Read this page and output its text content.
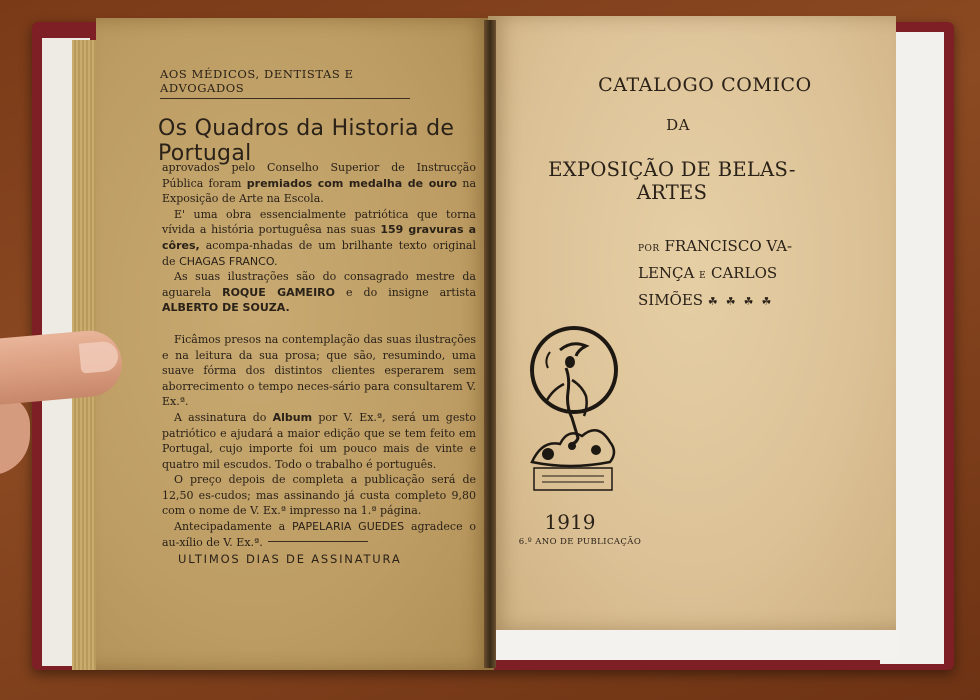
AOS MÉDICOS, DENTISTAS E ADVOGADOS
Os Quadros da Historia de Portugal

aprovados pelo Conselho Superior de Instrucção Pública foram premiados com medalha de ouro na Exposição de Arte na Escola.

E' uma obra essencialmente patriótica que torna vívida a história portuguêsa nas suas 159 gravuras a côres, acompa-nhadas de um brilhante texto original de CHAGAS FRANCO.

As suas ilustrações são do consagrado mestre da aguarela ROQUE GAMEIRO e do insigne artista ALBERTO DE SOUZA.

Ficâmos presos na contemplação das suas ilustrações e na leitura da sua prosa; que são, resumindo, uma suave fórma dos distintos clientes esperarem sem aborrecimento o tempo neces-sário para consultarem V. Ex.ª.

A assinatura do Album por V. Ex.ª, será um gesto patriótico e ajudará a maior edição que se tem feito em Portugal, cujo importe foi um pouco mais de vinte e quatro mil escudos. Todo o trabalho é português.

O preço depois de completa a publicação será de 12,50 es-cudos; mas assinando já custa completo 9,80 com o nome de V. Ex.ª impresso na 1.ª página.

Antecipadamente a PAPELARIA GUEDES agradece o au-xílio de V. Ex.ª.

ULTIMOS DIAS DE ASSINATURA
CATALOGO COMICO
DA
EXPOSIÇÃO DE BELAS-ARTES
POR FRANCISCO VA-
LENÇA E CARLOS
SIMÕES ☘☘☘☘
1919
6.º ANO DE PUBLICAÇÃO
